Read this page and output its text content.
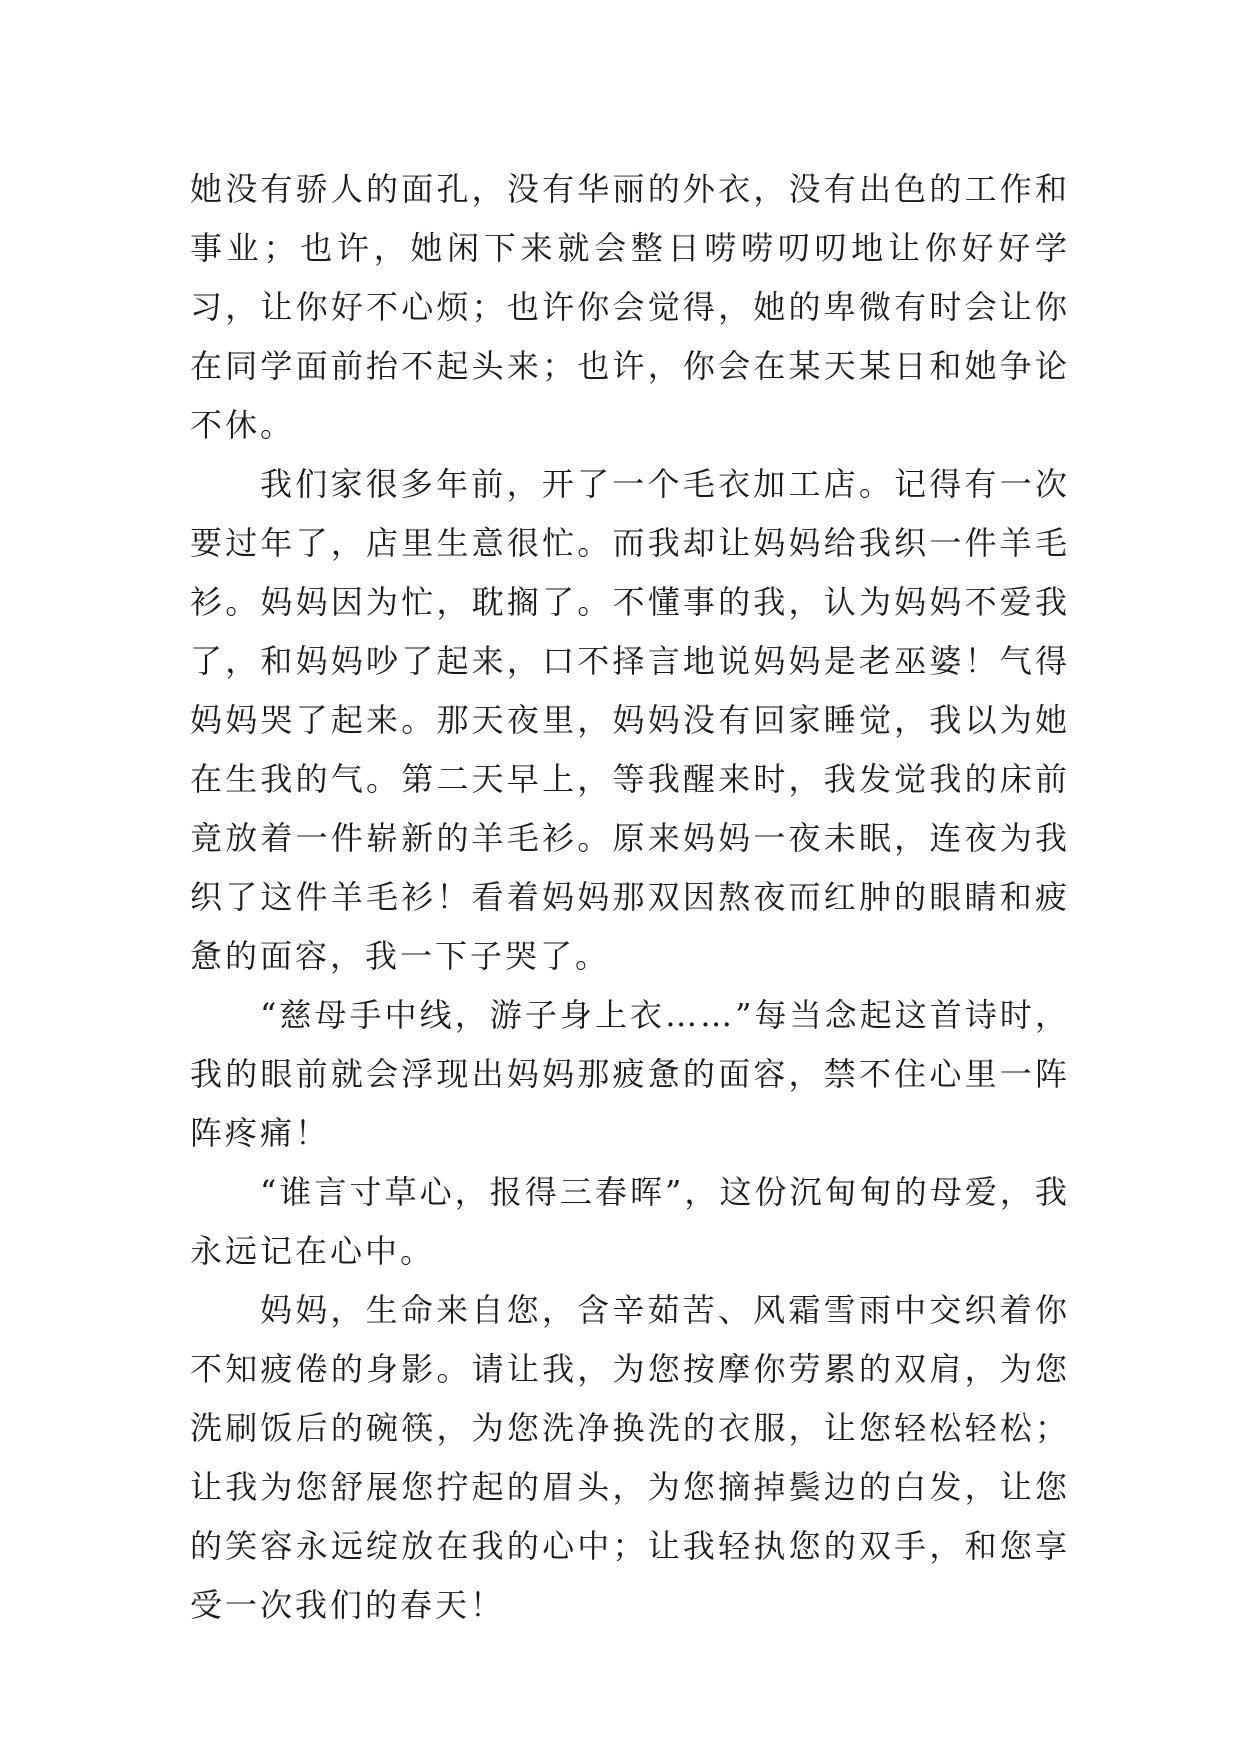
她没有骄人的面孔，没有华丽的外衣，没有出色的工作和事业；也许，她闲下来就会整日唠唠叨叨地让你好好学习，让你好不心烦；也许你会觉得，她的卑微有时会让你在同学面前抬不起头来；也许，你会在某天某日和她争论不休。

我们家很多年前，开了一个毛衣加工店。记得有一次要过年了，店里生意很忙。而我却让妈妈给我织一件羊毛衫。妈妈因为忙，耽搁了。不懂事的我，认为妈妈不爱我了，和妈妈吵了起来，口不择言地说妈妈是老巫婆！气得妈妈哭了起来。那天夜里，妈妈没有回家睡觉，我以为她在生我的气。第二天早上，等我醒来时，我发觉我的床前竟放着一件崭新的羊毛衫。原来妈妈一夜未眠，连夜为我织了这件羊毛衫！看着妈妈那双因熬夜而红肿的眼睛和疲惫的面容，我一下子哭了。

“慈母手中线，游子身上衣……”每当念起这首诗时，我的眼前就会浮现出妈妈那疲惫的面容，禁不住心里一阵阵疼痛！

“谁言寸草心，报得三春晖”，这份沉甸甸的母爱，我永远记在心中。

妈妈，生命来自您，含辛茹苦、风霜雪雨中交织着你不知疲倦的身影。请让我，为您按摩你劳累的双肩，为您洗刷饭后的碗筷，为您洗净换洗的衣服，让您轻松轻松；让我为您舒展您拧起的眉头，为您摘掉鬓边的白发，让您的笑容永远绽放在我的心中；让我轻执您的双手，和您享受一次我们的春天！
